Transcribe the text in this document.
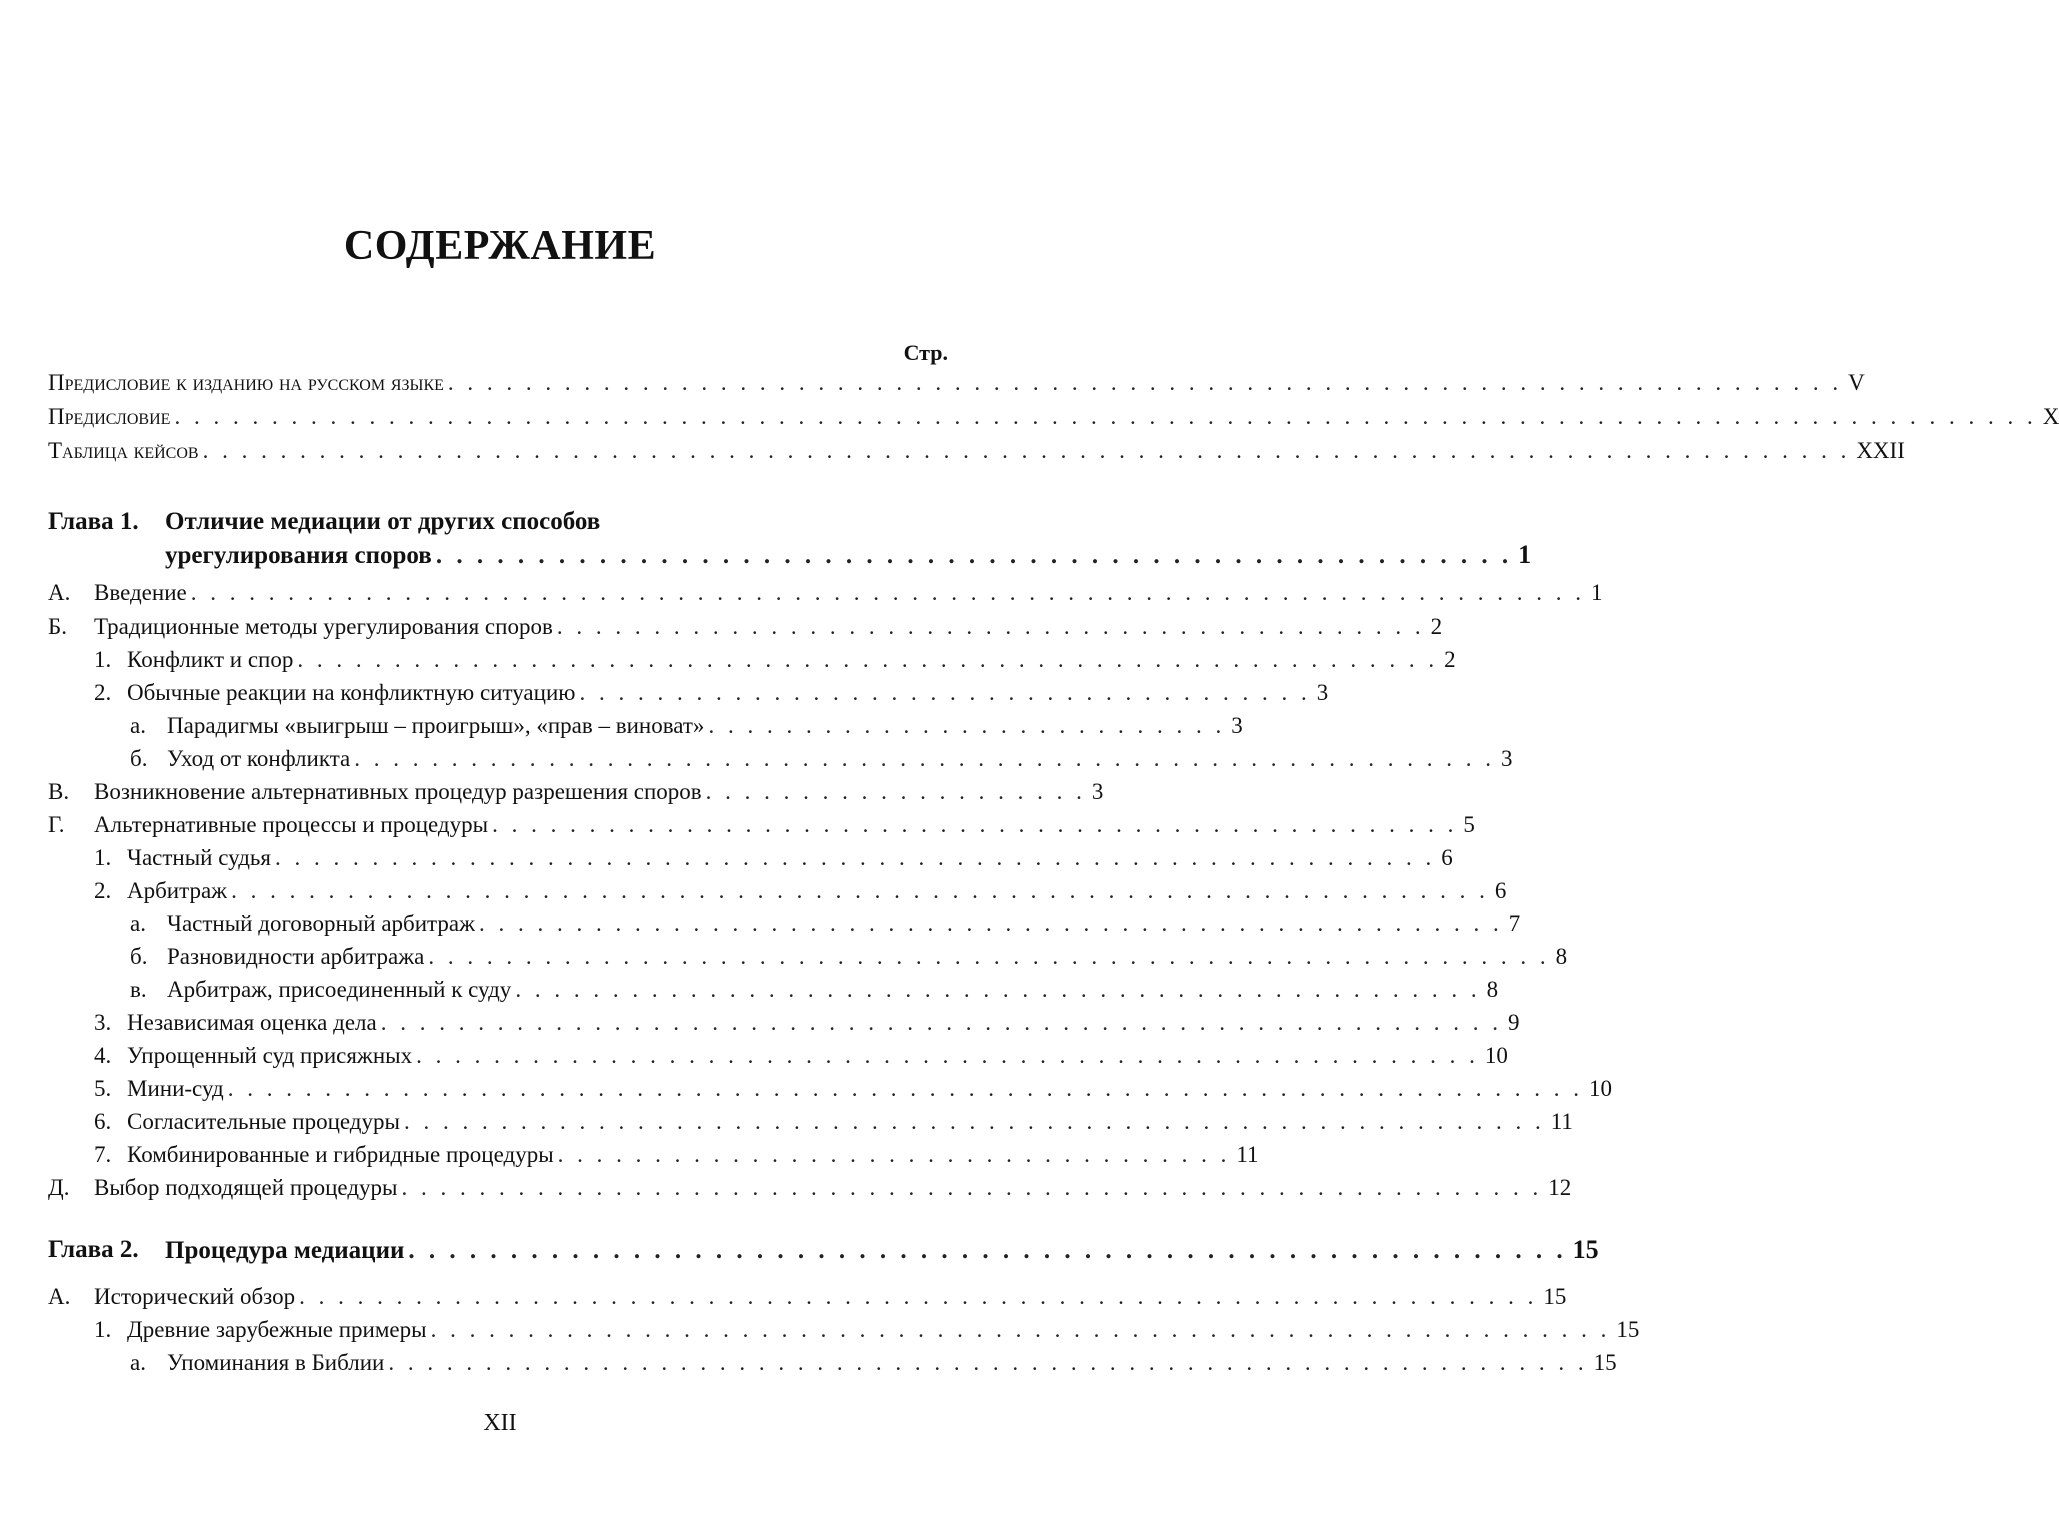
СОДЕРЖАНИЕ
Стр.
Предисловие к изданию на русском языке . . . . . . . . . . . . . . . . . . . . . . . . . . . . . . . . . . . . . . . . . . . . . . . . . . . . . . . . . . . . . . . . . . . . . . . . V
Предисловие . . . . . . . . . . . . . . . . . . . . . . . . . . . . . . . . . . . . . . . . . . . . . . . . . . . . . . . . . . . . . . . . . . . . . . . . . . . . . . . . . . . . . . . . . . . . . . . . X
Таблица кейсов . . . . . . . . . . . . . . . . . . . . . . . . . . . . . . . . . . . . . . . . . . . . . . . . . . . . . . . . . . . . . . . . . . . . . . . . . . . . . . . . . . . . . XXII
Глава 1. Отличие медиации от других способов
урегулирования споров . . . . . . . . . . . . . . . . . . . . . . . . . . . . . . . . . . . . . . . . . . . . . . . . . . . . . 1
А. Введение . . . . . . . . . . . . . . . . . . . . . . . . . . . . . . . . . . . . . . . . . . . . . . . . . . . . . . . . . . . . . . . . . . . . . . . . 1
Б. Традиционные методы урегулирования споров . . . . . . . . . . . . . . . . . . . . . . . . . . . . . . . . . . . . . . . . . . . . . 2
1. Конфликт и спор . . . . . . . . . . . . . . . . . . . . . . . . . . . . . . . . . . . . . . . . . . . . . . . . . . . . . . . . . . . 2
2. Обычные реакции на конфликтную ситуацию . . . . . . . . . . . . . . . . . . . . . . . . . . . . . . . . . . . . . . 3
а. Парадигмы «выигрыш – проигрыш», «прав – виноват» . . . . . . . . . . . . . . . . . . . . . . . . . . . 3
б. Уход от конфликта . . . . . . . . . . . . . . . . . . . . . . . . . . . . . . . . . . . . . . . . . . . . . . . . . . . . . . . . . . . 3
В. Возникновение альтернативных процедур разрешения споров . . . . . . . . . . . . . . . . . . . . 3
Г. Альтернативные процессы и процедуры . . . . . . . . . . . . . . . . . . . . . . . . . . . . . . . . . . . . . . . . . . . . . . . . . . 5
1. Частный судья . . . . . . . . . . . . . . . . . . . . . . . . . . . . . . . . . . . . . . . . . . . . . . . . . . . . . . . . . . . . 6
2. Арбитраж . . . . . . . . . . . . . . . . . . . . . . . . . . . . . . . . . . . . . . . . . . . . . . . . . . . . . . . . . . . . . . . . . 6
а. Частный договорный арбитраж . . . . . . . . . . . . . . . . . . . . . . . . . . . . . . . . . . . . . . . . . . . . . . . . . . . . . 7
б. Разновидности арбитража . . . . . . . . . . . . . . . . . . . . . . . . . . . . . . . . . . . . . . . . . . . . . . . . . . . . . . . . . . 8
в. Арбитраж, присоединенный к суду . . . . . . . . . . . . . . . . . . . . . . . . . . . . . . . . . . . . . . . . . . . . . . . . . . 8
3. Независимая оценка дела . . . . . . . . . . . . . . . . . . . . . . . . . . . . . . . . . . . . . . . . . . . . . . . . . . . . . . . . . . 9
4. Упрощенный суд присяжных . . . . . . . . . . . . . . . . . . . . . . . . . . . . . . . . . . . . . . . . . . . . . . . . . . . . . . . 10
5. Мини-суд . . . . . . . . . . . . . . . . . . . . . . . . . . . . . . . . . . . . . . . . . . . . . . . . . . . . . . . . . . . . . . . . . . . . . . 10
6. Согласительные процедуры . . . . . . . . . . . . . . . . . . . . . . . . . . . . . . . . . . . . . . . . . . . . . . . . . . . . . . . . . . . 11
7. Комбинированные и гибридные процедуры . . . . . . . . . . . . . . . . . . . . . . . . . . . . . . . . . . . 11
Д. Выбор подходящей процедуры . . . . . . . . . . . . . . . . . . . . . . . . . . . . . . . . . . . . . . . . . . . . . . . . . . . . . . . . . . . 12
Глава 2. Процедура медиации . . . . . . . . . . . . . . . . . . . . . . . . . . . . . . . . . . . . . . . . . . . . . . . . . . . . . . . . . 15
А. Исторический обзор . . . . . . . . . . . . . . . . . . . . . . . . . . . . . . . . . . . . . . . . . . . . . . . . . . . . . . . . . . . . . . . . 15
1. Древние зарубежные примеры . . . . . . . . . . . . . . . . . . . . . . . . . . . . . . . . . . . . . . . . . . . . . . . . . . . . . . . . . . . . . 15
а. Упоминания в Библии . . . . . . . . . . . . . . . . . . . . . . . . . . . . . . . . . . . . . . . . . . . . . . . . . . . . . . . . . . . . . . 15
XII
